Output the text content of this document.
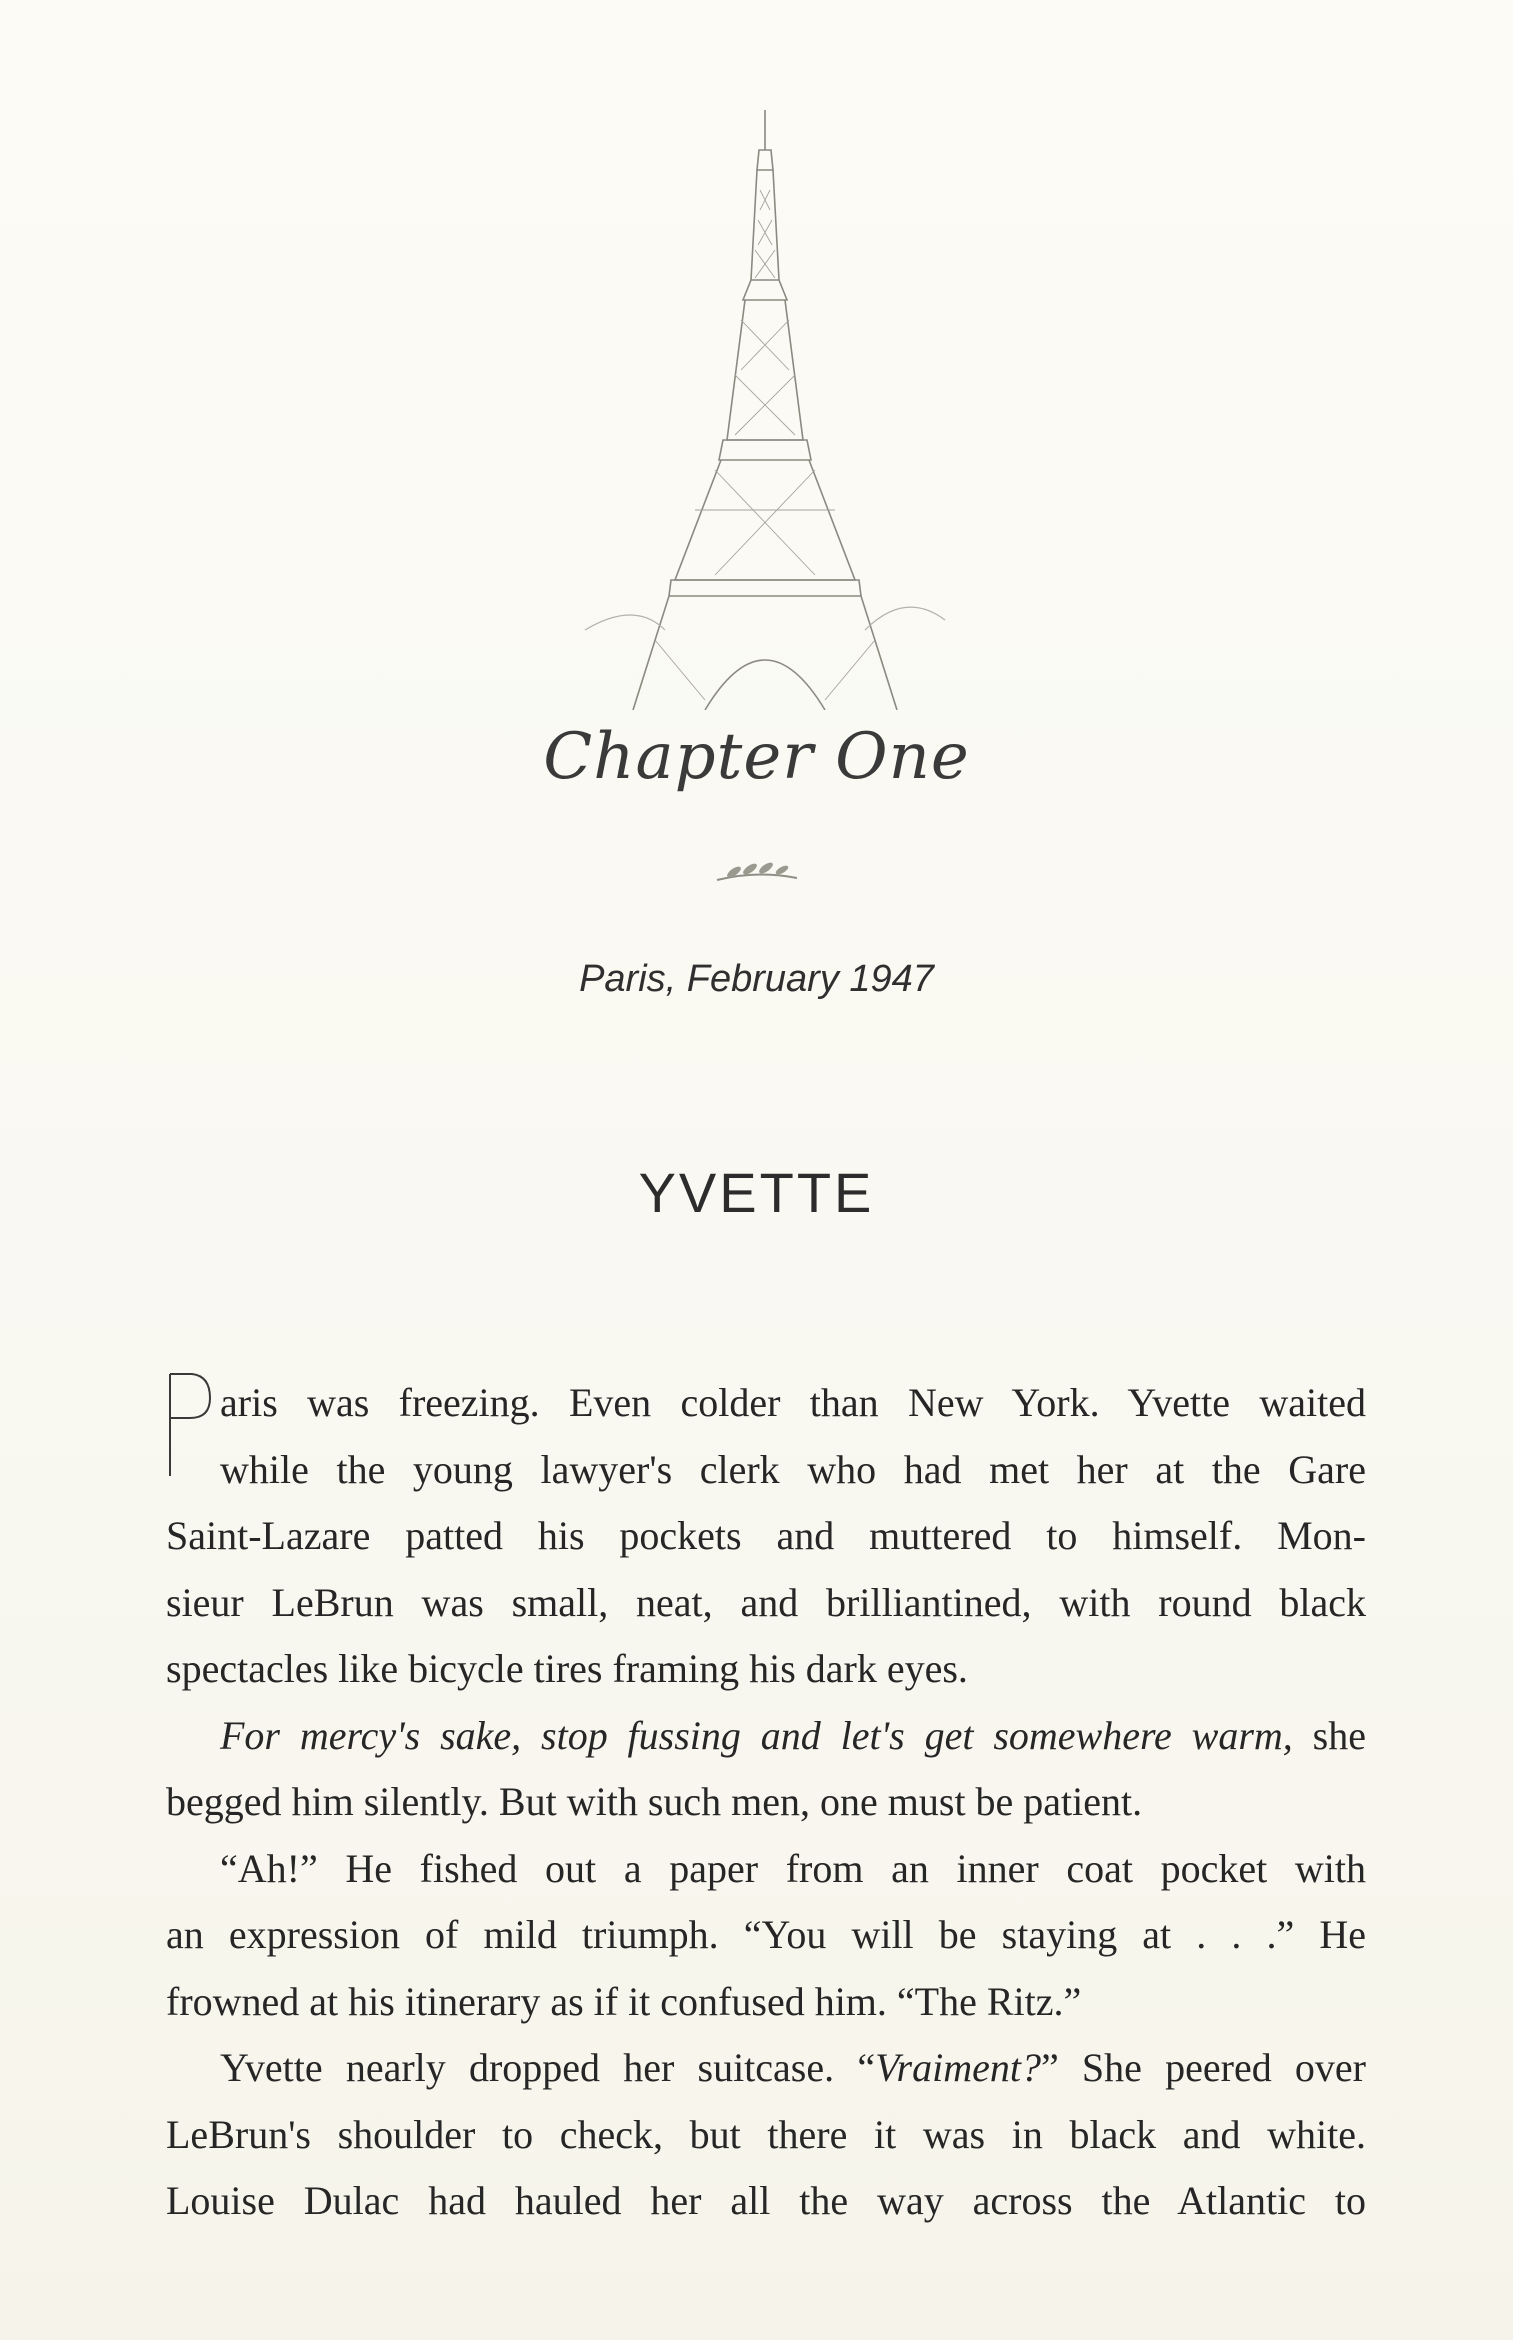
Chapter One
Paris, February 1947
YVETTE
aris was freezing. Even colder than New York. Yvette waited
while the young lawyer's clerk who had met her at the Gare
Saint-Lazare patted his pockets and muttered to himself. Mon-
sieur LeBrun was small, neat, and brilliantined, with round black
spectacles like bicycle tires framing his dark eyes.
For mercy's sake, stop fussing and let's get somewhere warm, she
begged him silently. But with such men, one must be patient.
“Ah!” He fished out a paper from an inner coat pocket with
an expression of mild triumph. “You will be staying at . . .” He
frowned at his itinerary as if it confused him. “The Ritz.”
Yvette nearly dropped her suitcase. “Vraiment?” She peered over
LeBrun's shoulder to check, but there it was in black and white.
Louise Dulac had hauled her all the way across the Atlantic to
